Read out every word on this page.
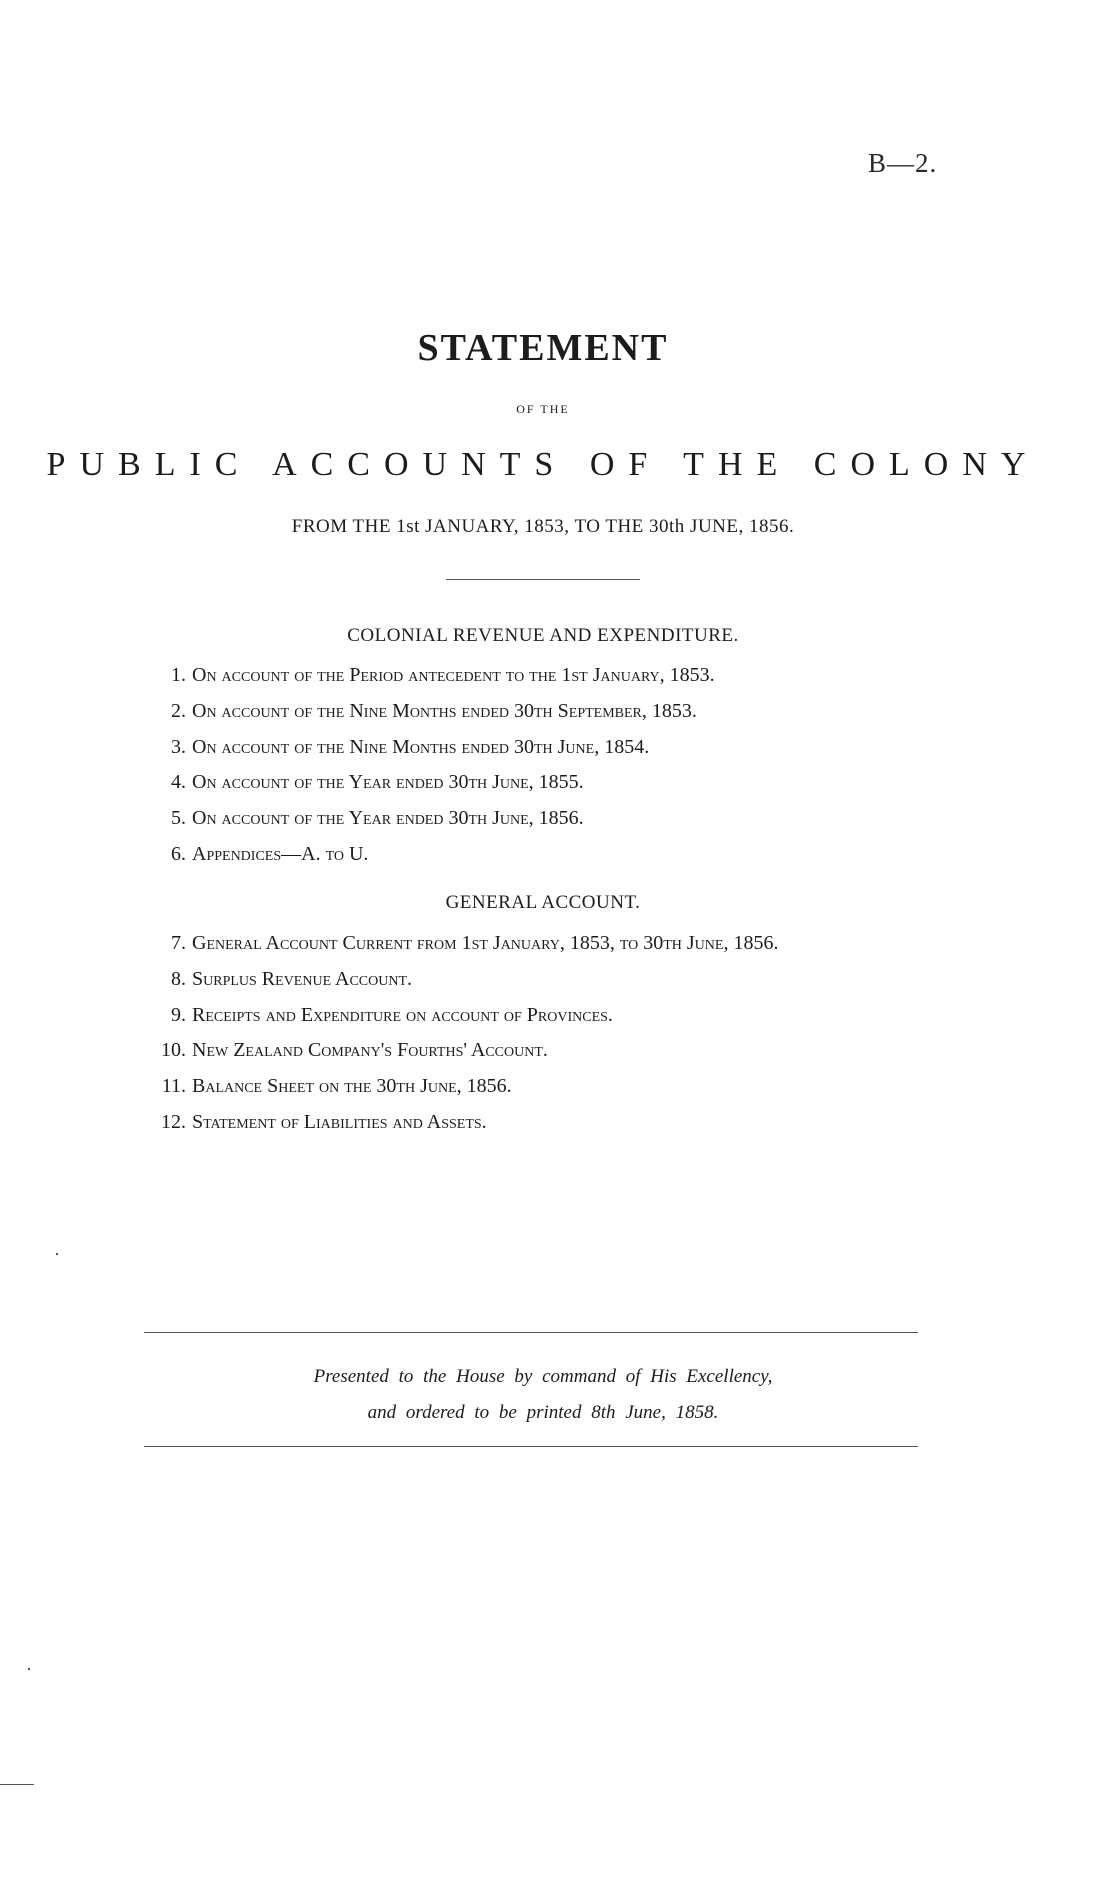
B—2.
STATEMENT
OF THE
PUBLIC ACCOUNTS OF THE COLONY
FROM THE 1st JANUARY, 1853, TO THE 30th JUNE, 1856.
COLONIAL REVENUE AND EXPENDITURE.
1. On account of the Period antecedent to the 1st January, 1853.
2. On account of the Nine Months ended 30th September, 1853.
3. On account of the Nine Months ended 30th June, 1854.
4. On account of the Year ended 30th June, 1855.
5. On account of the Year ended 30th June, 1856.
6. Appendices—A. to U.
GENERAL ACCOUNT.
7. General Account Current from 1st January, 1853, to 30th June, 1856.
8. Surplus Revenue Account.
9. Receipts and Expenditure on account of Provinces.
10. New Zealand Company's Fourths' Account.
11. Balance Sheet on the 30th June, 1856.
12. Statement of Liabilities and Assets.
Presented to the House by command of His Excellency,
and ordered to be printed 8th June, 1858.
